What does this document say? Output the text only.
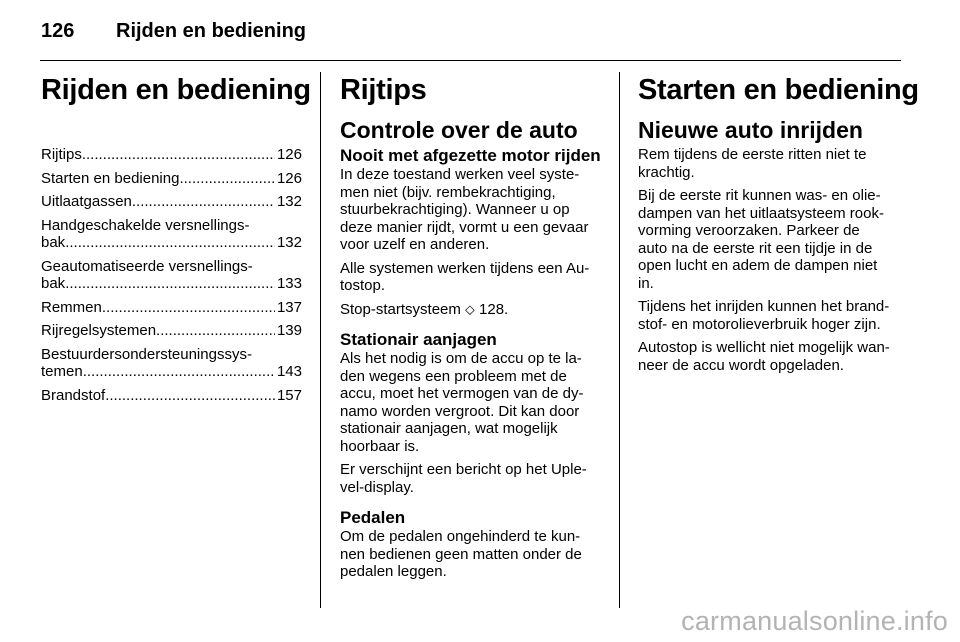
126 Rijden en bediening
Rijden en bediening
Rijtips .....	126
Starten en bediening .....	126
Uitlaatgassen .....	132
Handgeschakelde versnellings-
bak .....	132
Geautomatiseerde versnellings-
bak .....	133
Remmen .....	137
Rijregelsystemen .....	139
Bestuurdersondersteuningssys-
temen .....	143
Brandstof .....	157
Rijtips
Controle over de auto
Nooit met afgezette motor rijden

In deze toestand werken veel syste-
men niet (bijv. rembekrachtiging,
stuurbekrachtiging). Wanneer u op
deze manier rijdt, vormt u een gevaar
voor uzelf en anderen.

Alle systemen werken tijdens een Au-
tostop.

Stop-startsysteem ⬦ 128.

Stationair aanjagen

Als het nodig is om de accu op te la-
den wegens een probleem met de
accu, moet het vermogen van de dy-
namo worden vergroot. Dit kan door
stationair aanjagen, wat mogelijk
hoorbaar is.

Er verschijnt een bericht op het Uple-
vel-display.

Pedalen

Om de pedalen ongehinderd te kun-
nen bedienen geen matten onder de
pedalen leggen.

Starten en bediening
Nieuwe auto inrijden

Rem tijdens de eerste ritten niet te
krachtig.

Bij de eerste rit kunnen was- en olie-
dampen van het uitlaatsysteem rook-
vorming veroorzaken. Parkeer de
auto na de eerste rit een tijdje in de
open lucht en adem de dampen niet
in.

Tijdens het inrijden kunnen het brand-
stof- en motorolieverbruik hoger zijn.

Autostop is wellicht niet mogelijk wan-
neer de accu wordt opgeladen.

carmanualsonline.info
